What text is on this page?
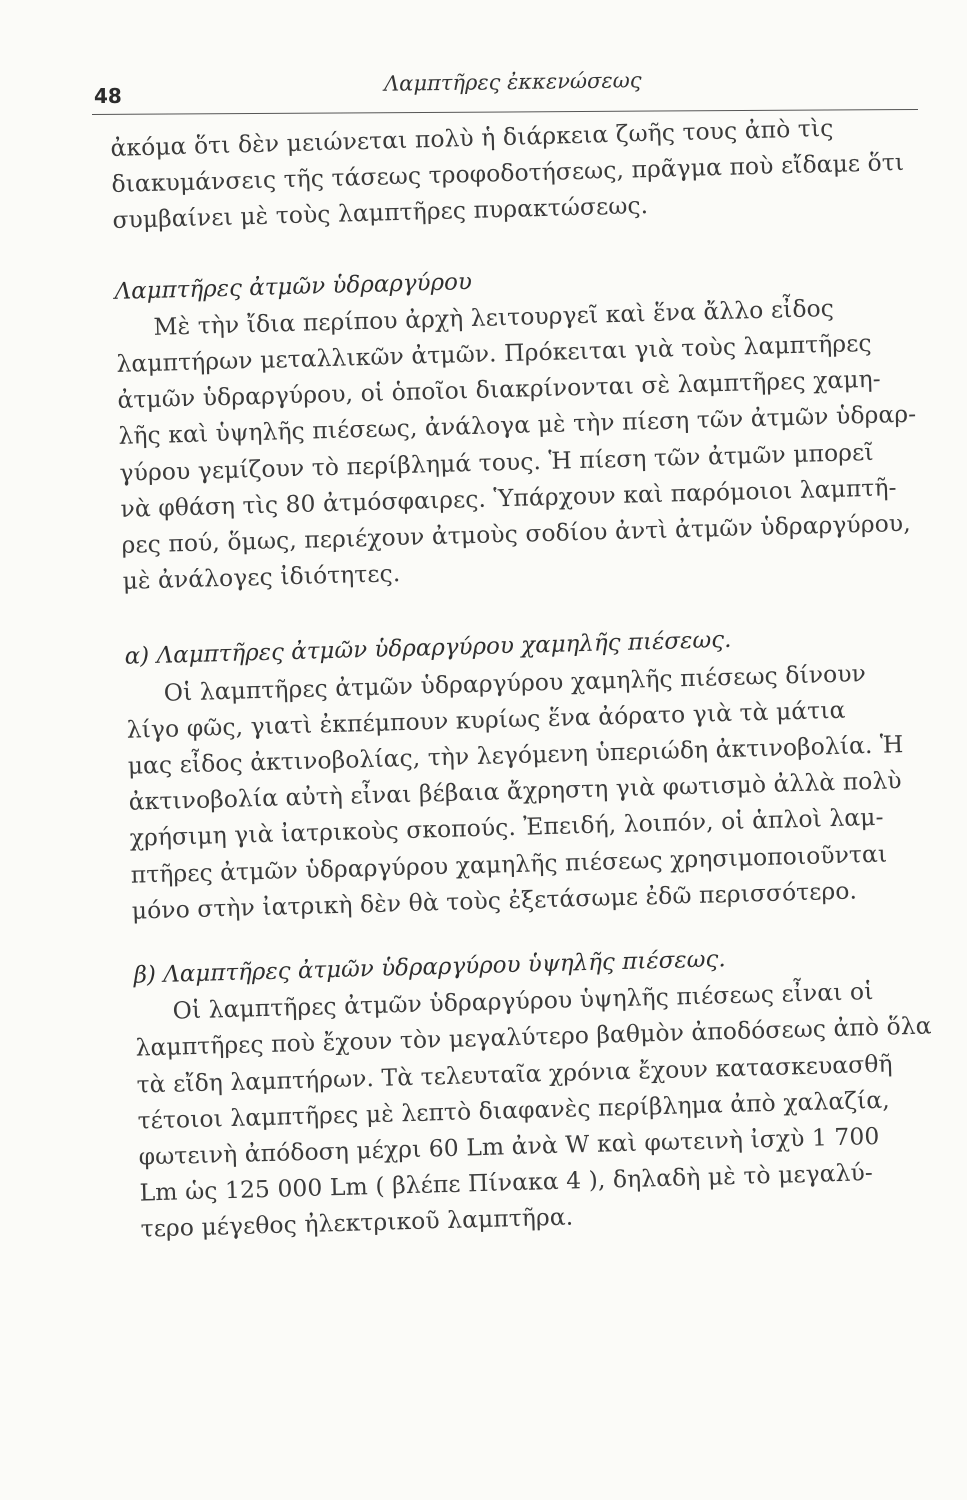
48
Λαμπτῆρες ἐκκενώσεως
ἀκόμα ὅτι δὲν μειώνεται πολὺ ἡ διάρκεια ζωῆς τους ἀπὸ τὶς
διακυμάνσεις τῆς τάσεως τροφοδοτήσεως, πρᾶγμα ποὺ εἴδαμε ὅτι
συμβαίνει μὲ τοὺς λαμπτῆρες πυρακτώσεως.
Λαμπτῆρες ἀτμῶν ὑδραργύρου
Μὲ τὴν ἴδια περίπου ἀρχὴ λειτουργεῖ καὶ ἕνα ἄλλο εἶδος
λαμπτήρων μεταλλικῶν ἀτμῶν. Πρόκειται γιὰ τοὺς λαμπτῆρες
ἀτμῶν ὑδραργύρου, οἱ ὁποῖοι διακρίνονται σὲ λαμπτῆρες χαμη-
λῆς καὶ ὑψηλῆς πιέσεως, ἀνάλογα μὲ τὴν πίεση τῶν ἀτμῶν ὑδραρ-
γύρου γεμίζουν τὸ περίβλημά τους. Ἡ πίεση τῶν ἀτμῶν μπορεῖ
νὰ φθάση τὶς 80 ἀτμόσφαιρες. Ὑπάρχουν καὶ παρόμοιοι λαμπτῆ-
ρες πού, ὅμως, περιέχουν ἀτμοὺς σοδίου ἀντὶ ἀτμῶν ὑδραργύρου,
μὲ ἀνάλογες ἰδιότητες.
α) Λαμπτῆρες ἀτμῶν ὑδραργύρου χαμηλῆς πιέσεως.
Οἱ λαμπτῆρες ἀτμῶν ὑδραργύρου χαμηλῆς πιέσεως δίνουν
λίγο φῶς, γιατὶ ἐκπέμπουν κυρίως ἕνα ἀόρατο γιὰ τὰ μάτια
μας εἶδος ἀκτινοβολίας, τὴν λεγόμενη ὑπεριώδη ἀκτινοβολία. Ἡ
ἀκτινοβολία αὐτὴ εἶναι βέβαια ἄχρηστη γιὰ φωτισμὸ ἀλλὰ πολὺ
χρήσιμη γιὰ ἰατρικοὺς σκοπούς. Ἐπειδή, λοιπόν, οἱ ἁπλοὶ λαμ-
πτῆρες ἀτμῶν ὑδραργύρου χαμηλῆς πιέσεως χρησιμοποιοῦνται
μόνο στὴν ἰατρικὴ δὲν θὰ τοὺς ἐξετάσωμε ἐδῶ περισσότερο.
β) Λαμπτῆρες ἀτμῶν ὑδραργύρου ὑψηλῆς πιέσεως.
Οἱ λαμπτῆρες ἀτμῶν ὑδραργύρου ὑψηλῆς πιέσεως εἶναι οἱ
λαμπτῆρες ποὺ ἔχουν τὸν μεγαλύτερο βαθμὸν ἀποδόσεως ἀπὸ ὅλα
τὰ εἴδη λαμπτήρων. Τὰ τελευταῖα χρόνια ἔχουν κατασκευασθῆ
τέτοιοι λαμπτῆρες μὲ λεπτὸ διαφανὲς περίβλημα ἀπὸ χαλαζία,
φωτεινὴ ἀπόδοση μέχρι 60 Lm ἀνὰ W καὶ φωτεινὴ ἰσχὺ 1 700
Lm ὡς 125 000 Lm ( βλέπε Πίνακα 4 ), δηλαδὴ μὲ τὸ μεγαλύ-
τερο μέγεθος ἠλεκτρικοῦ λαμπτῆρα.
